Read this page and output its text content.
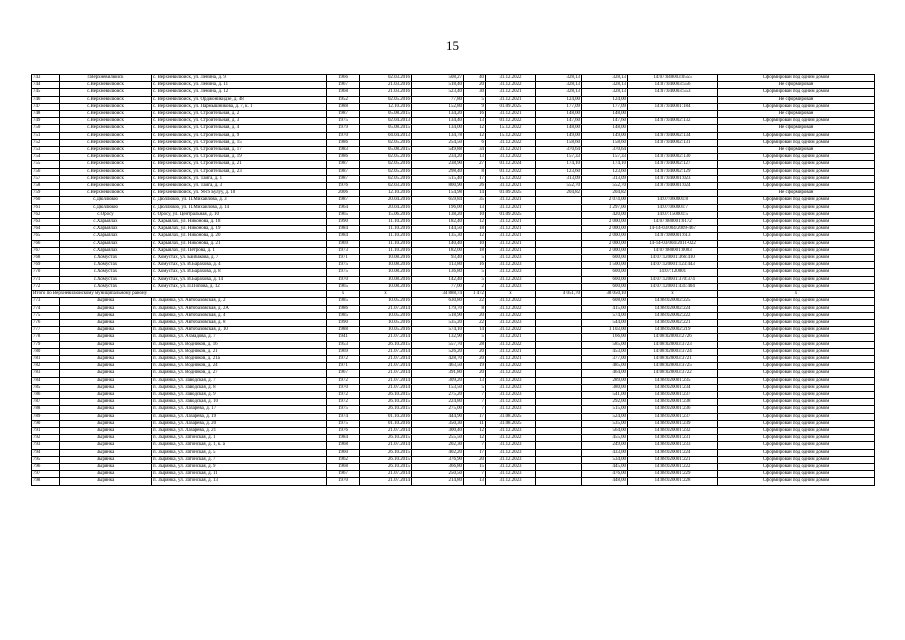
15
743	г.Верхневилюйск	с. Верхневилюйск, ул. Ленина, д. 9	1966	02.03.2016	508,27	40	31.12.2022	328,13	328,13	14:07:040003:0555	Сформирован под одним домом
744	с.Верхневилюйск	с. Верхневилюйск, ул. Ленина, д. 11	1967	21.03.2016	518,40	20	31.12.2022	328,13	328,13	14:07:040003:556	Не сформирован
745	с.Верхневилюйск	с. Верхневилюйск, ул. Ленина, д. 12	1968	21.03.2016	523,40	30	31.12.2021	328,13	328,13	14:07:040003:553	Сформирован под одним домом
746	с.Верхневилюйск	с. Верхневилюйск, ул. Орджоникидзе, д. 48	1952	02.05.2016	77,80	5	31.12.2021	124,00	124,00		Не сформирован
747	с.Верхневилюйск	с. Верхневилюйск, ул. Пармышникова, д. 7, к. 1	1988	12.10.2016	152,80	9	01.09.2025	177,09	177,09	14:07:040001:184	Сформирован под одним домом
748	с.Верхневилюйск	с. Верхневилюйск, ул. Строительная, д. 2	1987	05.08.2015	134,20	16	31.12.2021	148,00	148,00		Не сформирован
749	с.Верхневилюйск	с. Верхневилюйск, ул. Строительная, д. 3	1975	02.04.2013	134,40	13	01.12.2022	147,60	147,60	14:07:040002:132	Сформирован под одним домом
750	с.Верхневилюйск	с. Верхневилюйск, ул. Строительная, д. 4	1979	05.08.2015	134,00	12	15.12.2022	148,00	148,00		Не сформирован
751	с.Верхневилюйск	с. Верхневилюйск, ул. Строительная, д. 9	1970	04.04.2013	134,78	12	15.12.2022	149,00	149,00	14:07:040002:134	Сформирован под одним домом
752	с.Верхневилюйск	с. Верхневилюйск, ул. Строительная, д. 15	1986	02.05.2016	254,50	6	31.12.2022	158,60	158,60	14:07:040002:131	Сформирован под одним домом
753	с.Верхневилюйск	с. Верхневилюйск, ул. Строительная, д. 17	1983	05.08.2015	549,88	34	31.12.2021	370,64	370,64		Не сформирован
754	с.Верхневилюйск	с. Верхневилюйск, ул. Строительная, д. 19	1986	02.05.2016	234,20	13	31.12.2022	157,33	157,33	14:07:040002:130	Сформирован под одним домом
755	с.Верхневилюйск	с. Верхневилюйск, ул. Строительная, д. 21	1987	02.05.2016	238,90	27	01.12.2024	174,10	174,10	14:07:040002:127	Сформирован под одним домом
756	с.Верхневилюйск	с. Верхневилюйск, ул. Строительная, д. 23	1987	02.05.2016	298,40	8	01.12.2022	123,60	123,60	14:07:040002:129	Сформирован под одним домом
757	с.Верхневилюйск	с. Верхневилюйск, ул. Тайга, д. 1	1987	02.05.2016	515,40	17	15.12.2022	313,09	313,09	14:07:040001:023	Сформирован под одним домом
758	с.Верхневилюйск	с. Верхневилюйск, ул. Тайга, д. 3	1976	02.03.2016	800,90	26	31.12.2021	552,70	552,70	14:07:040001:024	Сформирован под одним домом
759	с.Верхневилюйск	с. Верхневилюйск, ул. Уесэ Булуу, д. 10	2006	12.10.2016	154,98	14	01.09.2025	204,82	204,82		Не сформирован
760	с.Дюллюкю	с. Дюллюкю, ул. П.Михайлова, д. 3	1987	20.04.2016	659,84	35	31.12.2021		2 074,00	14:07:060001:8	Сформирован под одним домом
761	с.Дюллюкю	с. Дюллюкю, ул. П.Михайлова, д. 14	1964	20.04.2016	196,00	13	31.12.2021		1 297,00	14:07:060001:7	Сформирован под одним домом
762	с.Оросу	с. Оросу, ул. Центральная, д. 10	1965	15.06.2016	138,20	10	01.09.2025		420,00	14:07:150001:5	Сформирован под одним домом
763	с.Харыялах	с. Харыялах, ул. Никонова, д. 18	1990	11.10.2016	182,40	12	31.12.2021		2 000,00	14:07:080001:0172	Сформирован под одним домом
764	с.Харыялах	с. Харыялах, ул. Никонова, д. 19	1984	11.10.2016	144,50	18	31.12.2021		2 000,00	14-14-03/004/2009-467	Сформирован под одним домом
765	с.Харыялах	с. Харыялах, ул. Никонова, д. 20	1984	11.10.2016	135,30	12	31.12.2021		2 000,00	14:07:080001:613	Сформирован под одним домом
766	с.Харыялах	с. Харыялах, ул. Никонова, д. 21	1969	11.10.2016	140,40	10	31.12.2021		2 000,00	14-14-03/004/2011-022	Сформирован под одним домом
767	с.Харыялах	с. Харыялах, ул. Петрова, д. 1	1973	11.10.2016	182,00	18	31.12.2021		2 000,00	14:07:080001:0003	Сформирован под одним домом
768	с.Хомустах	с. Хомустах, ул. Байбакова, д. 7	1971	10.08.2016	93,40	5	31.12.2023		600,00	14:07:120001:366:410	Сформирован под одним домом
769	с.Хомустах	с. Хомустах, ул. И.Барахова, д. 4	1975	10.08.2016	113,80	16	31.12.2023		1 500,00	14:07:120001:123:443	Сформирован под одним домом
770	с.Хомустах	с. Хомустах, ул. И.Барахова, д. 8	1975	10.08.2016	136,80	5	31.12.2023		600,00	14:07:120001	Сформирован под одним домом
771	с.Хомустах	с. Хомустах, ул. И.Барахова, д. 14	1970	10.08.2016	142,40	5	31.12.2023		600,00	14:07:120001:370:374	Сформирован под одним домом
772	с.Хомустах	с. Хомустах, ул. П.Попова, д. 12	1965	10.08.2016	77,00	2	31.12.2023		600,00	14:07:120001:431:404	Сформирован под одним домом
Итого по Верхневилюйскому муниципальному району			x	x	34 888,74	1 472	x	4 051,70	38 050,10	x	x
773	Зырянка	п. Зырянка, ул. Автобазовская, д. 2	1985	10.05.2016	630,80	22	31.12.2022		608,00	14:08:020002:225	Сформирован под одним домом
774	Зырянка	п. Зырянка, ул. Автобазовская, д. 2А	1986	21.07.2014	179,70	8	31.12.2022		415,00	14:08:020002:224	Сформирован под одним домом
775	Зырянка	п. Зырянка, ул. Автобазовская, д. 4	1985	10.05.2016	518,90	20	31.12.2022		574,00	14:08:020002:222	Сформирован под одним домом
776	Зырянка	п. Зырянка, ул. Автобазовская, д. 8	1990	10.05.2016	535,20	22	31.12.2023		544,00	14:08:020002:221	Сформирован под одним домом
777	Зырянка	п. Зырянка, ул. Автобазовская, д. 10	1988	10.05.2016	574,10	14	31.12.2022		1 103,00	14:08:020002:219	Сформирован под одним домом
778	Зырянка	п. Зырянка, ул. Ахмадова, д. 7	1941	21.07.2014	132,90	5	31.12.2021		166,00	14:08:020003:2726	Сформирован под одним домом
779	Зырянка	п. Зырянка, ул. Водников, д. 16	1953	26.10.2015	557,70	28	31.12.2022		585,00	14:08:020003:3723	Сформирован под одним домом
780	Зырянка	п. Зырянка, ул. Водников, д. 21	1969	21.07.2014	526,20	20	31.12.2021		453,00	14:08:020003:3724	Сформирован под одним домом
781	Зырянка	п. Зырянка, ул. Водников, д. 21а	1972	21.07.2014	428,70	20	31.12.2021		377,00	14:08:020003:3721	Сформирован под одним домом
782	Зырянка	п. Зырянка, ул. Водников, д. 24	1971	21.07.2014	463,50	19	31.12.2022		485,00	14:08:020003:3725	Сформирован под одним домом
783	Зырянка	п. Зырянка, ул. Водников, д. 27	1967	21.07.2014	391,80	20	31.12.2022		464,00	14:08:020003:3722	Сформирован под одним домом
784	Зырянка	п. Зырянка, ул. Заводская, д. 7	1972	21.07.2014	309,20	13	31.12.2023		289,00	14:08:020001:235	Сформирован под одним домом
785	Зырянка	п. Зырянка, ул. Заводская, д. 8	1970	21.07.2014	153,50	5	31.12.2023		380,00	14:08:020001:234	Сформирован под одним домом
786	Зырянка	п. Зырянка, ул. Заводская, д. 9	1972	26.10.2015	275,20	7	31.12.2023		541,00	14:08:020001:237	Сформирован под одним домом
787	Зырянка	п. Зырянка, ул. Заводская, д. 10	1972	26.10.2015	224,80	7	31.12.2023		292,00	14:08:020001:238	Сформирован под одним домом
788	Зырянка	п. Зырянка, ул. Лазарева, д. 17	1975	26.10.2015	275,00	7	31.12.2023		515,00	14:08:020001:236	Сформирован под одним домом
789	Зырянка	п. Зырянка, ул. Лазарева, д. 19	1974	01.10.2016	444,90	17	31.08.2025		524,00	14:08:020001:237	Сформирован под одним домом
790	Зырянка	п. Зырянка, ул. Лазарева, д. 20	1975	01.10.2016	350,30	11	31.08.2025		535,00	14:08:020001:239	Сформирован под одним домом
791	Зырянка	п. Зырянка, ул. Лазарева, д. 21	1976	21.07.2014	300,40	12	31.12.2023		564,00	14:08:020001:232	Сформирован под одним домом
792	Зырянка	п. Зырянка, ул. Затонская, д. 1	1984	26.10.2015	255,50	12	31.12.2022		455,00	14:08:020001:231	Сформирован под одним домом
793	Зырянка	п. Зырянка, ул. Затонская, д. 1, к. а	1968	21.07.2014	202,30	7	31.12.2023		249,00	14:08:020001:233	Сформирован под одним домом
794	Зырянка	п. Зырянка, ул. Затонская, д. 5	1960	26.10.2015	402,20	17	31.12.2023		433,00	14:08:020001:224	Сформирован под одним домом
795	Зырянка	п. Зырянка, ул. Затонская, д. 7	1962	26.10.2015	376,90	20	31.12.2023		534,00	14:08:020001:221	Сформирован под одним домом
796	Зырянка	п. Зырянка, ул. Затонская, д. 9	1968	26.10.2015	366,80	15	31.12.2023		445,00	14:08:020001:222	Сформирован под одним домом
797	Зырянка	п. Зырянка, ул. Затонская, д. 11	1967	21.07.2014	250,50	7	31.12.2023		476,00	14:08:020001:229	Сформирован под одним домом
798	Зырянка	п. Зырянка, ул. Затонская, д. 13	1970	21.07.2014	214,80	13	31.12.2023		448,00	14:08:020001:228	Сформирован под одним домом
